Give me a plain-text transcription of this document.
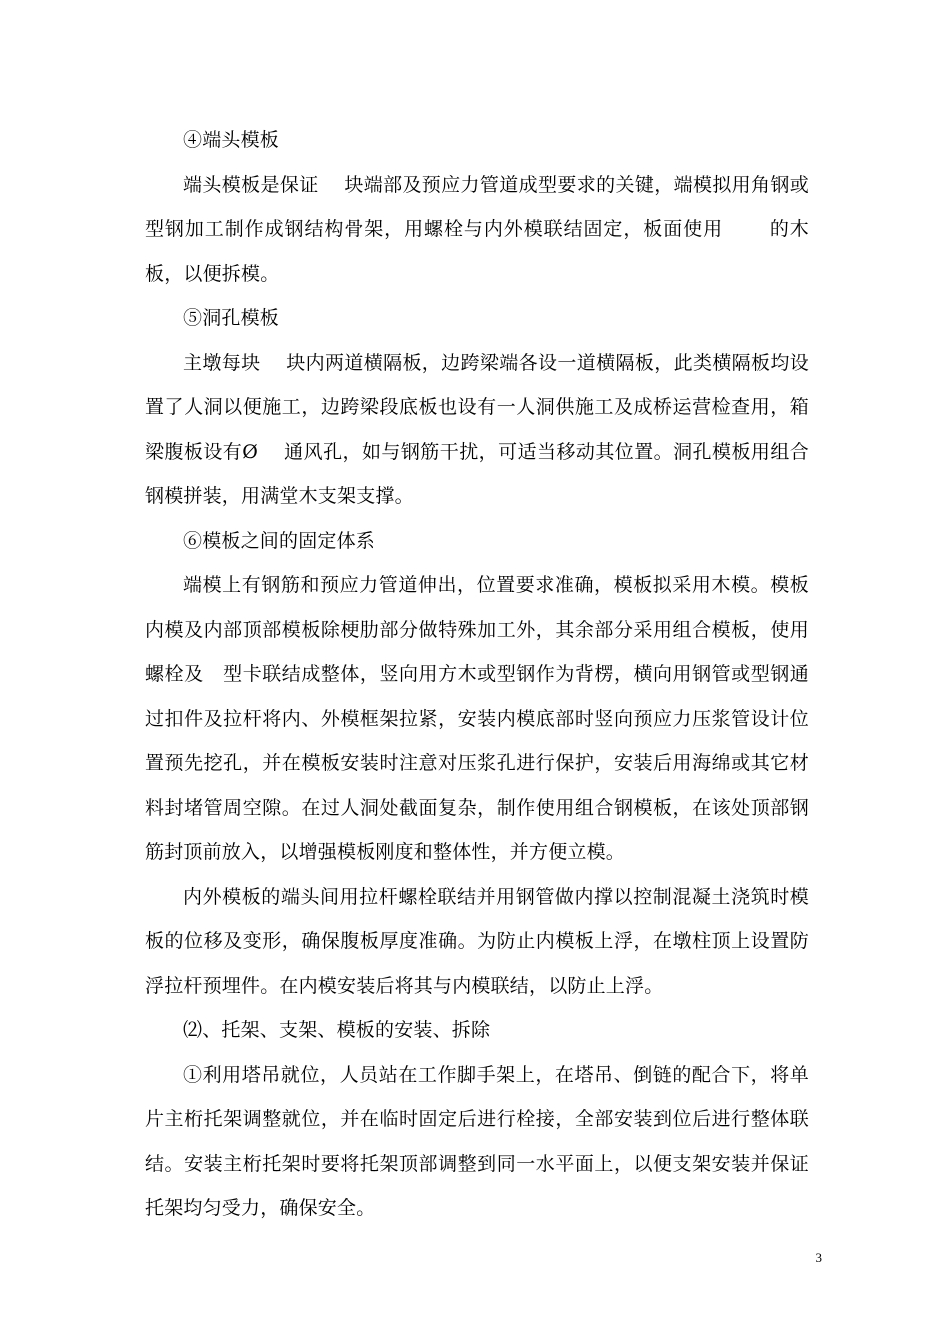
④端头模板

端头模板是保证　 块端部及预应力管道成型要求的关键，端模拟用角钢或型钢加工制作成钢结构骨架，用螺栓与内外模联结固定，板面使用　　 的木板，以便拆模。

⑤洞孔模板

主墩每块　 块内两道横隔板，边跨梁端各设一道横隔板，此类横隔板均设置了人洞以便施工，边跨梁段底板也设有一人洞供施工及成桥运营检查用，箱梁腹板设有Ø　 通风孔，如与钢筋干扰，可适当移动其位置。洞孔模板用组合钢模拼装，用满堂木支架支撑。

⑥模板之间的固定体系

端模上有钢筋和预应力管道伸出，位置要求准确，模板拟采用木模。模板内模及内部顶部模板除梗肋部分做特殊加工外，其余部分采用组合模板，使用螺栓及　型卡联结成整体，竖向用方木或型钢作为背楞，横向用钢管或型钢通过扣件及拉杆将内、外模框架拉紧，安装内模底部时竖向预应力压浆管设计位置预先挖孔，并在模板安装时注意对压浆孔进行保护，安装后用海绵或其它材料封堵管周空隙。在过人洞处截面复杂，制作使用组合钢模板，在该处顶部钢筋封顶前放入，以增强模板刚度和整体性，并方便立模。

内外模板的端头间用拉杆螺栓联结并用钢管做内撑以控制混凝土浇筑时模板的位移及变形，确保腹板厚度准确。为防止内模板上浮，在墩柱顶上设置防浮拉杆预埋件。在内模安装后将其与内模联结，以防止上浮。

⑵、托架、支架、模板的安装、拆除

①利用塔吊就位，人员站在工作脚手架上，在塔吊、倒链的配合下，将单片主桁托架调整就位，并在临时固定后进行栓接，全部安装到位后进行整体联结。安装主桁托架时要将托架顶部调整到同一水平面上，以便支架安装并保证托架均匀受力，确保安全。

3
